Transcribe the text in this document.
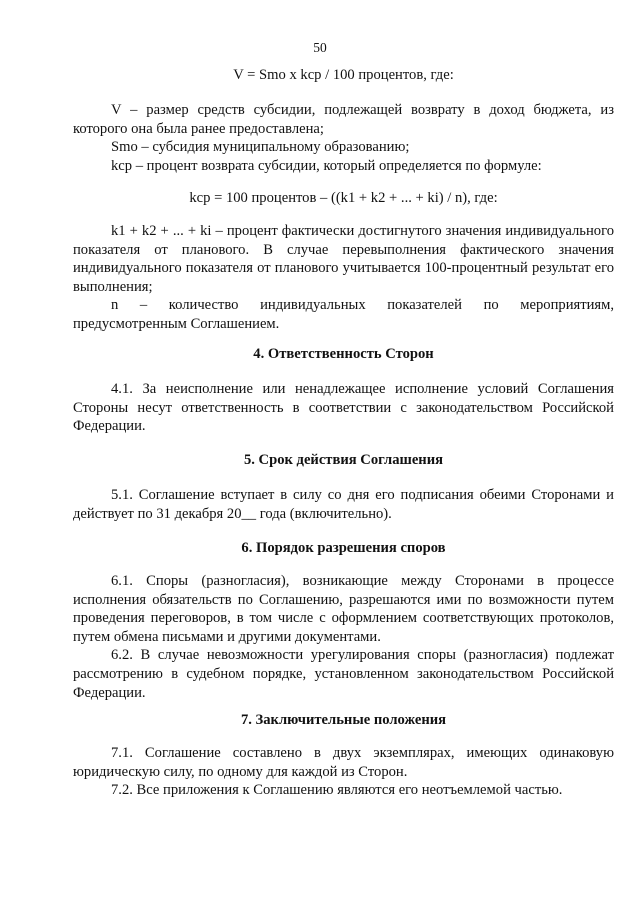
50

V = Smo x kcp / 100 процентов, где:

V – размер средств субсидии, подлежащей возврату в доход бюджета, из которого она была ранее предоставлена;

Smo – субсидия муниципальному образованию;

kcp – процент возврата субсидии, который определяется по формуле:

kcp = 100 процентов – ((k1 + k2 + ... + ki) / n), где:

k1 + k2 + ... + ki – процент фактически достигнутого значения индивидуального показателя от планового. В случае перевыполнения фактического значения индивидуального показателя от планового учитывается 100-процентный результат его выполнения;

n – количество индивидуальных показателей по мероприятиям, предусмотренным Соглашением.

4. Ответственность Сторон

4.1. За неисполнение или ненадлежащее исполнение условий Соглашения Стороны несут ответственность в соответствии с законодательством Российской Федерации.

5. Срок действия Соглашения

5.1. Соглашение вступает в силу со дня его подписания обеими Сторонами и действует по 31 декабря 20__ года (включительно).

6. Порядок разрешения споров

6.1. Споры (разногласия), возникающие между Сторонами в процессе исполнения обязательств по Соглашению, разрешаются ими по возможности путем проведения переговоров, в том числе с оформлением соответствующих протоколов, путем обмена письмами и другими документами.

6.2. В случае невозможности урегулирования споры (разногласия) подлежат рассмотрению в судебном порядке, установленном законодательством Российской Федерации.

7. Заключительные положения

7.1. Соглашение составлено в двух экземплярах, имеющих одинаковую юридическую силу, по одному для каждой из Сторон.

7.2. Все приложения к Соглашению являются его неотъемлемой частью.
